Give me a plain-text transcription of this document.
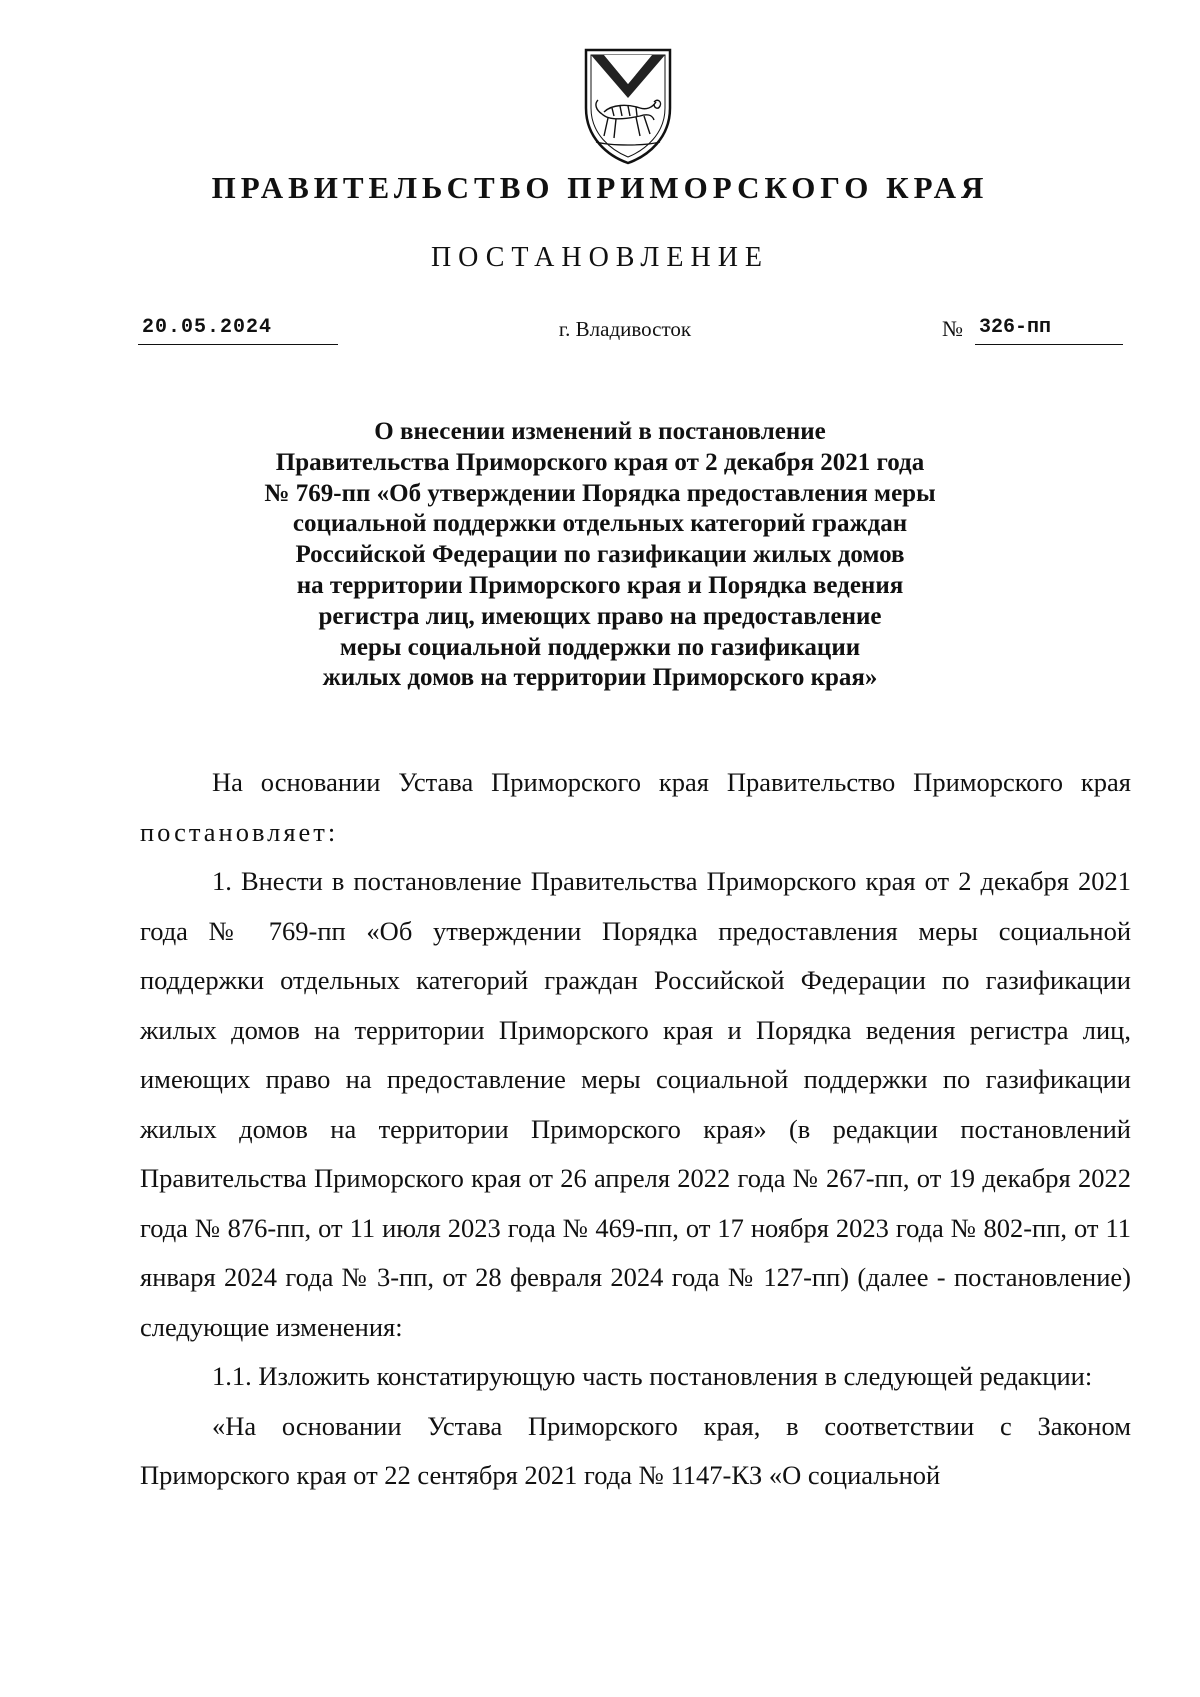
ПРАВИТЕЛЬСТВО ПРИМОРСКОГО КРАЯ
ПОСТАНОВЛЕНИЕ
20.05.2024	г. Владивосток	№ 326-пп
О внесении изменений в постановление
Правительства Приморского края от 2 декабря 2021 года
№ 769-пп «Об утверждении Порядка предоставления меры
социальной поддержки отдельных категорий граждан
Российской Федерации по газификации жилых домов
на территории Приморского края и Порядка ведения
регистра лиц, имеющих право на предоставление
меры социальной поддержки по газификации
жилых домов на территории Приморского края»

На основании Устава Приморского края Правительство Приморского края постановляет:

1. Внести в постановление Правительства Приморского края от 2 декабря 2021 года № 769-пп «Об утверждении Порядка предоставления меры социальной поддержки отдельных категорий граждан Российской Федерации по газификации жилых домов на территории Приморского края и Порядка ведения регистра лиц, имеющих право на предоставление меры социальной поддержки по газификации жилых домов на территории Приморского края» (в редакции постановлений Правительства Приморского края от 26 апреля 2022 года № 267-пп, от 19 декабря 2022 года № 876-пп, от 11 июля 2023 года № 469-пп, от 17 ноября 2023 года № 802-пп, от 11 января 2024 года № 3-пп, от 28 февраля 2024 года № 127-пп) (далее - постановление) следующие изменения:

1.1. Изложить констатирующую часть постановления в следующей редакции:

«На основании Устава Приморского края, в соответствии с Законом Приморского края от 22 сентября 2021 года № 1147-КЗ «О социальной
